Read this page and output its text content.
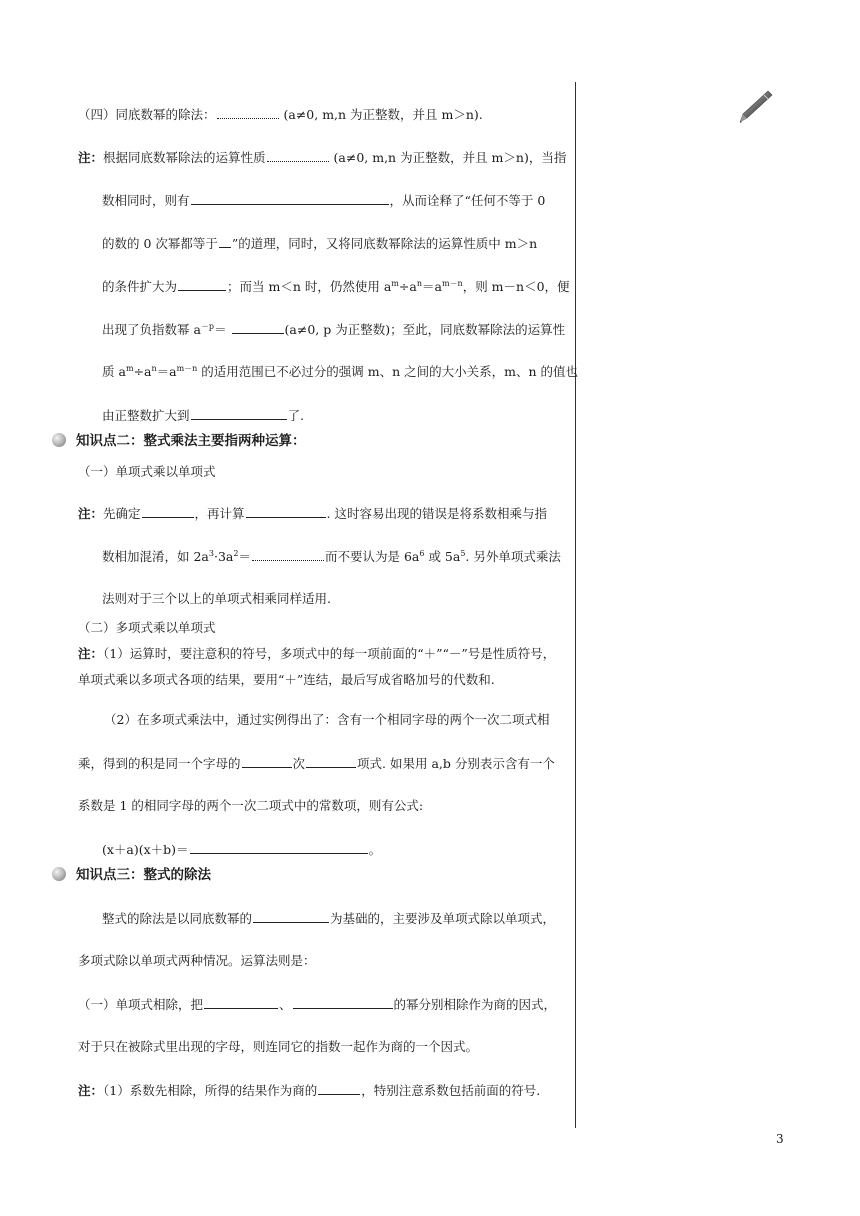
（四）同底数幂的除法：	(a≠0, m,n 为正整数，并且 m＞n).
注：根据同底数幂除法的运算性质	(a≠0, m,n 为正整数，并且 m＞n)，当指
数相同时，则有	，从而诠释了“任何不等于 0
的数的 0 次幂都等于 ”的道理，同时，又将同底数幂除法的运算性质中 m＞n
的条件扩大为	；而当 m＜n 时，仍然使用 $a^m\div a^n=a^{m-n}$，则 m－n＜0，便
出现了负指数幂 $a^{-p}=$	(a≠0, p 为正整数)；至此，同底数幂除法的运算性
质 $a^m\div a^n=a^{m-n}$ 的适用范围已不必过分的强调 m、n 之间的大小关系，m、n 的值也
由正整数扩大到	了.
知识点二：整式乘法主要指两种运算：
（一）单项式乘以单项式
注：先确定	，再计算	. 这时容易出现的错误是将系数相乘与指
数相加混淆，如 $2a^3\cdot 3a^2=$	而不要认为是 $6a^6$ 或 $5a^5$. 另外单项式乘法
法则对于三个以上的单项式相乘同样适用.
（二）多项式乘以单项式
注：（1）运算时，要注意积的符号，多项式中的每一项前面的“＋”“－”号是性质符号，
单项式乘以多项式各项的结果，要用“＋”连结，最后写成省略加号的代数和.
（2）在多项式乘法中，通过实例得出了：含有一个相同字母的两个一次二项式相
乘，得到的积是同一个字母的	次	项式. 如果用 a,b 分别表示含有一个
系数是 1 的相同字母的两个一次二项式中的常数项，则有公式:
(x＋a)(x＋b)＝	。
知识点三：整式的除法
整式的除法是以同底数幂的	为基础的，主要涉及单项式除以单项式，
多项式除以单项式两种情况。运算法则是：
（一）单项式相除，把	、	的幂分别相除作为商的因式，
对于只在被除式里出现的字母，则连同它的指数一起作为商的一个因式。
注：（1）系数先相除，所得的结果作为商的	，特别注意系数包括前面的符号.
3
